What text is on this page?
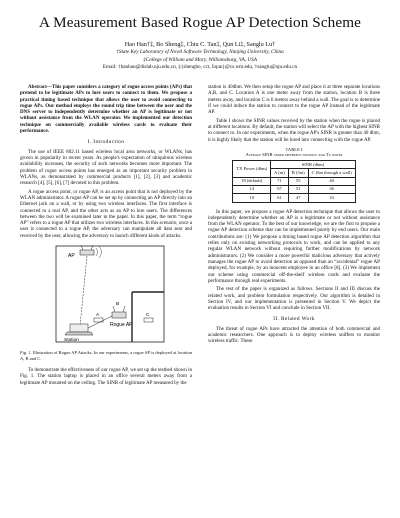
A Measurement Based Rogue AP Detection Scheme
Hao Han†‡, Bo Sheng‡, Chiu C. Tan‡, Qun Li‡, Sanglu Lu†
†State Key Laboratory of Novel Software Technology, Nanjing University, China
‡College of William and Mary, Williamsburg, VA, USA
Email: †hanhao@dislab.nju.edu.cn, ‡{shengbo, cct, liqun}@cs.wm.edu, †sanglu@nju.edu.cn

Abstract—This paper considers a category of rogue access points (APs) that pretend to be legitimate APs to lure users to connect to them. We propose a practical timing based technique that allows the user to avoid connecting to rogue APs. Our method employs the round trip time between the user and the DNS server to independently determine whether an AP is legitimate or not without assistance from the WLAN operator. We implemented our detection technique on commercially available wireless cards to evaluate their performance.

I. Introduction

The use of IEEE 802.11 based wireless local area networks, or WLANs, has grown in popularity in recent years. As people's expectation of ubiquitous wireless availability increases, the security of such networks becomes more important. The problem of rogue access points has emerged as an important security problem in WLANs, as demonstrated by commercial products [1], [2], [3] and academic research [4], [5], [6], [7] devoted to this problem.

A rogue access point, or rogue AP, is an access point that is not deployed by the WLAN administrator. A rogue AP can be set up by connecting an AP directly into an Ethernet jack on a wall, or by using two wireless interfaces. The first interface is connected to a real AP, and the other acts as an AP to lure users. The differences between the two will be examined later in the paper. In this paper, the term “rogue AP” refers to a rogue AP that utilizes two wireless interfaces. In this scenario, once a user is connected to a rogue AP, the adversary can manipulate all data sent and received by the user, allowing the adversary to launch different kinds of attacks.

AP
Station
A
B
Rogue AP
C

Fig. 1. Illustration of Rogue AP Attacks. In our experiments, a rogue AP is deployed at location A, B and C.

To demonstrate the effectiveness of our rogue AP, we set up the testbed shown in Fig. 1. The station laptop is placed in an office several meters away from a legitimate AP mounted on the ceiling. The SINR of legitimate AP measured by the

station is 40dbm. We then setup the rogue AP and place it at three separate locations A,B, and C. Location A is one meter away from the station, location B is three meters away, and location C is 6 meters away behind a wall. The goal is to determine if we could induce the station to connect to the rogue AP instead of the legitimate AP.

Table I shows the SINR values received by the station when the rogue is placed at different locations. By default, the station will select the AP with the highest SINR to connect to. In our experiments, when the rogue AP's SINR is greater than 40 dbm, it is highly likely that the station will be lured into connecting with the rogue AP.

TABLE I
Average SINR under different distance and Tx power
TX Power (dbm)	SINR (dbm)		
	A (m)	B (3m)	C (6m through a wall)
18 (default)	71	55	40
14	67	51	36
10	61	47	33

In this paper, we propose a rogue AP detection technique that allows the user to independently determine whether an AP is a legitimate or not without assistance from the WLAN operator. To the best of our knowledge, we are the first to propose a rogue AP detection scheme that can be implemented purely by end users. Our main contributions are: (1) We propose a timing based rogue AP detection algorithm that relies only on existing networking protocols to work, and can be applied to any regular WLAN network without requiring further modifications by network administrators. (2) We consider a more powerful malicious adversary that actively manages the rogue AP to avoid detection as opposed than an “accidental” rogue AP deployed, for example, by an innocent employee in an office [8]. (3) We implement our scheme using commercial off-the-shelf wireless cards and evaluate the performance through real experiments.

The rest of the paper is organized as follows. Sections II and III discuss the related work, and problem formulation respectively. Our algorithm is detailed in Section IV, and our implementation is presented in Section V. We depict the evaluation results in Section VI and conclude in Section VII.

II. Related Work

The threat of rogue APs have attracted the attention of both commercial and academic researchers. One approach is to deploy wireless sniffers to monitor wireless traffic. These
